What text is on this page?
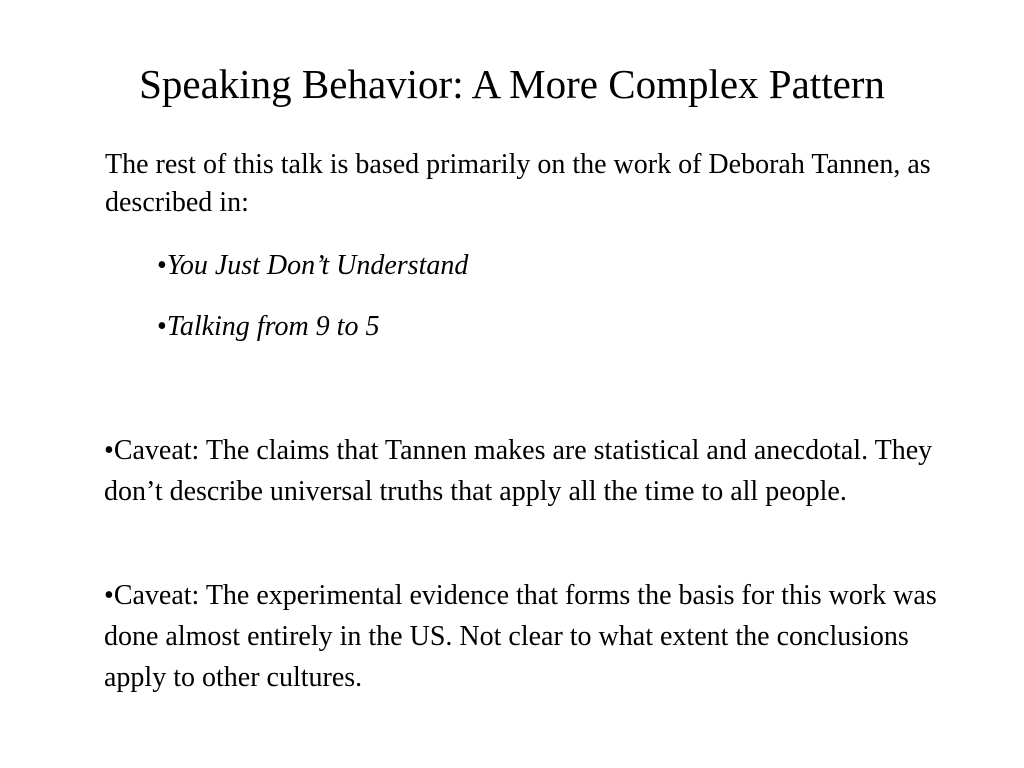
Speaking Behavior: A More Complex Pattern
The rest of this talk is based primarily on the work of Deborah Tannen, as described in:
•You Just Don’t Understand
•Talking from 9 to 5
•Caveat: The claims that Tannen makes are statistical and anecdotal. They don’t describe universal truths that apply all the time to all people.
•Caveat: The experimental evidence that forms the basis for this work was done almost entirely in the US. Not clear to what extent the conclusions apply to other cultures.
